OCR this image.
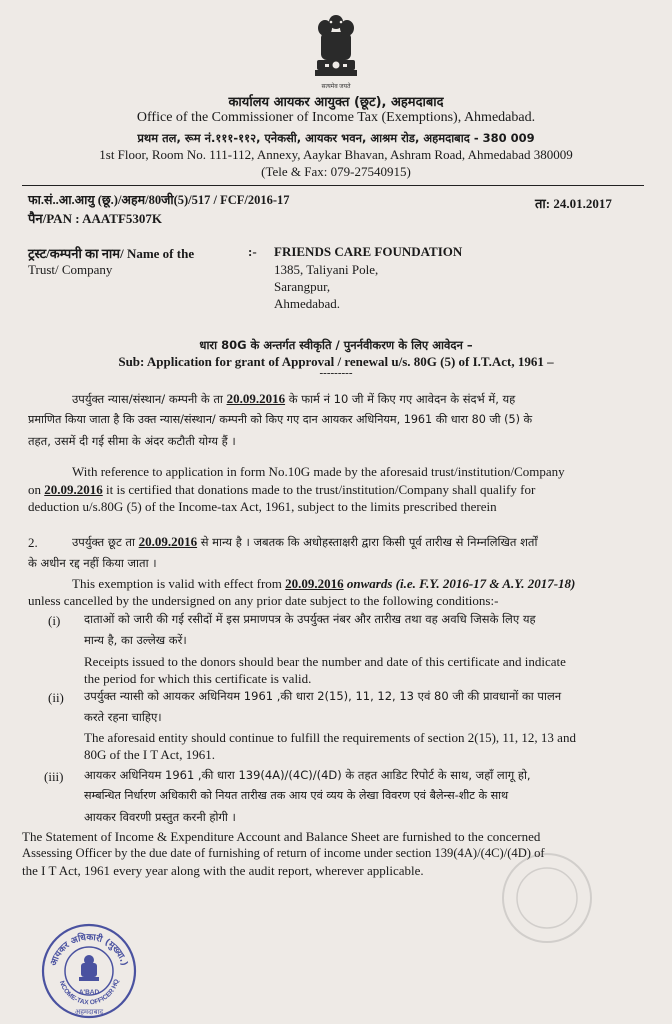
सत्यमेव जयते
कार्यालय आयकर आयुक्त (छूट), अहमदाबाद
Office of the Commissioner of Income Tax (Exemptions), Ahmedabad.
प्रथम तल, रूम नं.१११-११२, एनेकसी, आयकर भवन, आश्रम रोड, अहमदाबाद - 380 009
1st Floor, Room No. 111-112, Annexy, Aaykar Bhavan, Ashram Road, Ahmedabad 380009
(Tele & Fax: 079-27540915)
फा.सं..आ.आयु (छू.)/अहम/80जी(5)/517 / FCF/2016-17	ता: 24.01.2017
पैन/PAN : AAATF5307K
ट्रस्ट/कम्पनी का नाम/ Name of the
Trust/ Company
:- FRIENDS CARE FOUNDATION
1385, Taliyani Pole,
Sarangpur,
Ahmedabad.
धारा 80G के अन्तर्गत स्वीकृति / पुनर्नवीकरण के लिए आवेदन –
Sub: Application for grant of Approval / renewal u/s. 80G (5) of I.T.Act, 1961 –
---------
उपर्युक्त न्यास/संस्थान/ कम्पनी के ता 20.09.2016 के फार्म नं 10 जी में किए गए आवेदन के संदर्भ में, यह
प्रमाणित किया जाता है कि उक्त न्यास/संस्थान/ कम्पनी को किए गए दान आयकर अधिनियम, 1961 की धारा 80 जी (5) के
तहत, उसमें दी गई सीमा के अंदर कटौती योग्य हैं ।
With reference to application in form No.10G made by the aforesaid trust/institution/Company
on 20.09.2016 it is certified that donations made to the trust/institution/Company shall qualify for
deduction u/s.80G (5) of the Income-tax Act, 1961, subject to the limits prescribed therein
2.	उपर्युक्त छूट ता 20.09.2016 से मान्य है । जबतक कि अधोहस्ताक्षरी द्वारा किसी पूर्व तारीख से निम्नलिखित शर्तों
के अधीन रद्द नहीं किया जाता ।
This exemption is valid with effect from 20.09.2016 onwards (i.e. F.Y. 2016-17 & A.Y. 2017-18)
unless cancelled by the undersigned on any prior date subject to the following conditions:-
(i) दाताओं को जारी की गई रसीदों में इस प्रमाणपत्र के उपर्युक्त नंबर और तारीख तथा वह अवधि जिसके लिए यह
मान्य है, का उल्लेख करें।
Receipts issued to the donors should bear the number and date of this certificate and indicate
the period for which this certificate is valid.
(ii) उपर्युक्त न्यासी को आयकर अधिनियम 1961 ,की धारा 2(15), 11, 12, 13 एवं 80 जी की प्रावधानों का पालन
करते रहना चाहिए।
The aforesaid entity should continue to fulfill the requirements of section 2(15), 11, 12, 13 and
80G of the I T Act, 1961.
(iii) आयकर अधिनियम 1961 ,की धारा 139(4A)/(4C)/(4D) के तहत आडिट रिपोर्ट के साथ, जहाँ लागू हो,
सम्बन्धित निर्धारण अधिकारी को नियत तारीख तक आय एवं व्यय के लेखा विवरण एवं बैलेन्स-शीट के साथ
आयकर विवरणी प्रस्तुत करनी होगी ।
The Statement of Income & Expenditure Account and Balance Sheet are furnished to the concerned
Assessing Officer by the due date of furnishing of return of income under section 139(4A)/(4C)/(4D) of
the I T Act, 1961 every year along with the audit report, wherever applicable.
आयकर अधिकारी (मुख्या.)
NCOME-TAX OFFICER HQ
A'BAD
अहमदाबाद
